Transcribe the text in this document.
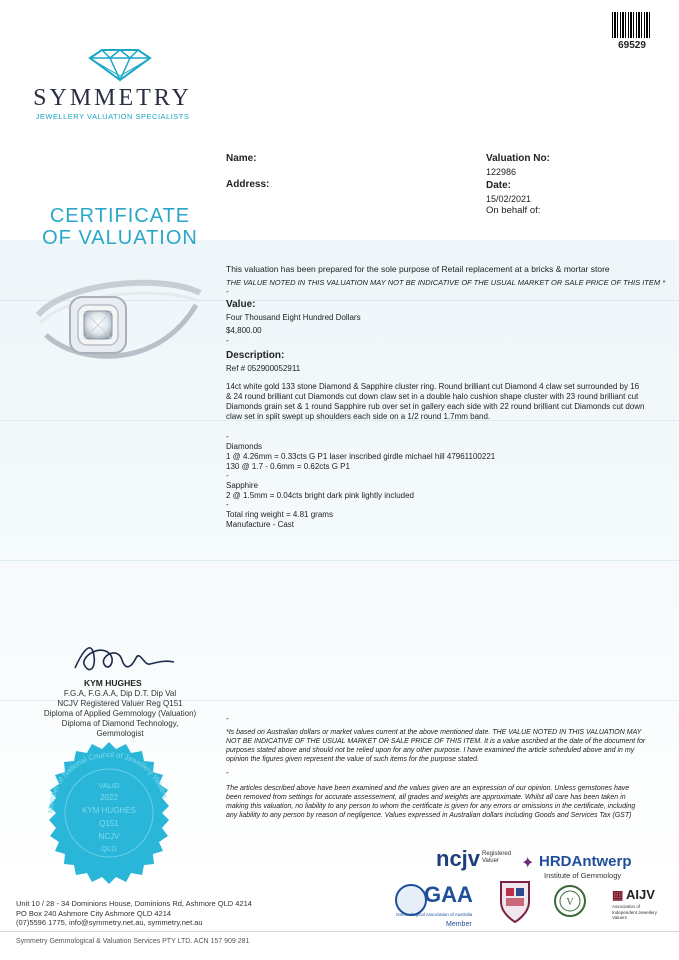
69529
SYMMETRY
JEWELLERY VALUATION SPECIALISTS
CERTIFICATE
OF VALUATION
Name:
Address:
Valuation No:
122986
Date:
15/02/2021
On behalf of:
This valuation has been prepared for the sole purpose of Retail replacement at a bricks & mortar store
THE VALUE NOTED IN THIS VALUATION MAY NOT BE INDICATIVE OF THE USUAL MARKET OR SALE PRICE OF THIS ITEM *
-
Value:
Four Thousand Eight Hundred Dollars
$4,800.00
-
Description:
Ref # 052900052911
14ct white gold 133 stone Diamond & Sapphire cluster ring. Round brilliant cut Diamond 4 claw set surrounded by 16 & 24 round brilliant cut Diamonds cut down claw set in a double halo cushion shape cluster with 23 round brilliant cut Diamonds grain set & 1 round Sapphire rub over set in gallery each side with 22 round brilliant cut Diamonds cut down claw set in split swept up shoulders each side on a 1/2 round 1.7mm band.
-
Diamonds
1 @ 4.26mm = 0.33cts G P1 laser inscribed girdle michael hill 47961100221
130 @ 1.7 - 0.6mm = 0.62cts G P1
-
Sapphire
2 @ 1.5mm = 0.04cts bright dark pink lightly included
-
Total ring weight = 4.81 grams
Manufacture - Cast
KYM HUGHES
F.G.A, F.G.A.A, Dip D.T. Dip Val
NCJV Registered Valuer Reg Q151
Diploma of Applied Gemmology (Valuation)
Diploma of Diamond Technology,
Gemmologist
Member of National Council of Jewellery Valuers
VALID
2022
KYM HUGHES
Q151
NCJV
QLD
-
*Is based on Australian dollars or market values current at the above mentioned date. THE VALUE NOTED IN THIS VALUATION MAY NOT BE INDICATIVE OF THE USUAL MARKET OR SALE PRICE OF THIS ITEM. It is a value ascribed at the date of the document for purposes stated above and should not be relied upon for any other purpose. I have examined the article scheduled above and in my opinion the figures given represent the value of such items for the purpose stated.
-
The articles described above have been examined and the values given are an expression of our opinion. Unless gemstones have been removed from settings for accurate assessement, all grades and weights are approximate. Whilst all care has been taken in making this valuation, no liability to any person to whom the certificate is given for any errors or omissions in the certificate, including any liability to any person by reason of negligence. Values expressed in Australian dollars including Goods and Services Tax (GST)
ncjv Registered
Valuer	✦ HRDAntwerp
Institute of Gemmology
GAA
Gemmological Association of Australia
Member
V
▦ AIJV
Association of Independent Jewellery Valuers
Unit 10 / 28 - 34 Dominions House, Dominions Rd, Ashmore QLD 4214
PO Box 240 Ashmore City Ashmore QLD 4214
(07)5596 1775, info@symmetry.net.au, symmetry.net.au
Symmetry Gemmological & Valuation Services PTY LTD. ACN 157 909 281
